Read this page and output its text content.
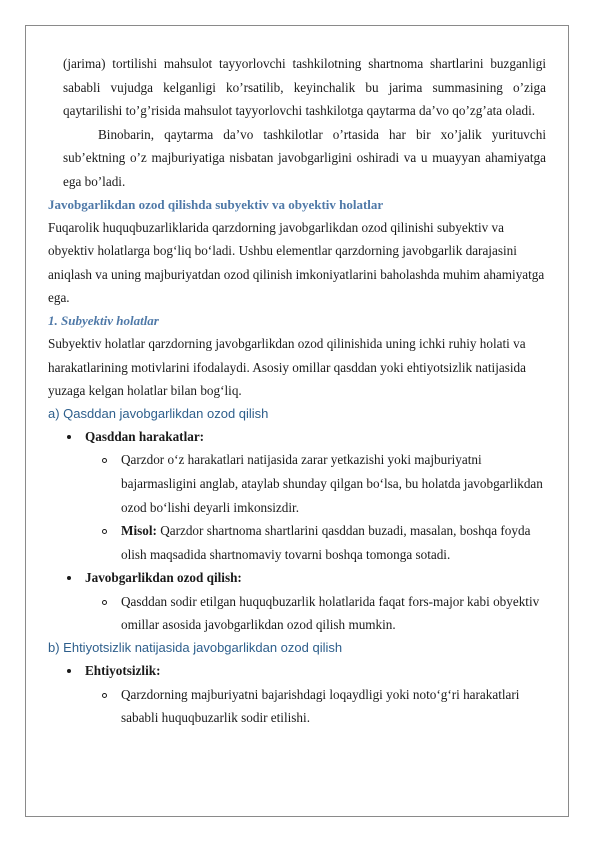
(jarima) tortilishi mahsulot tayyorlovchi tashkilotning shartnoma shartlarini buzganligi sababli vujudga kelganligi ko’rsatilib, keyinchalik bu jarima summasining o’ziga qaytarilishi to’g’risida mahsulot tayyorlovchi tashkilotga qaytarma da’vo qo’zg’ata oladi.
Binobarin, qaytarma da’vo tashkilotlar o’rtasida har bir xo’jalik yurituvchi sub’ektning o’z majburiyatiga nisbatan javobgarligini oshiradi va u muayyan ahamiyatga ega bo’ladi.
Javobgarlikdan ozod qilishda subyektiv va obyektiv holatlar

Fuqarolik huquqbuzarliklarida qarzdorning javobgarlikdan ozod qilinishi subyektiv va obyektiv holatlarga bog‘liq bo‘ladi. Ushbu elementlar qarzdorning javobgarlik darajasini aniqlash va uning majburiyatdan ozod qilinish imkoniyatlarini baholashda muhim ahamiyatga ega.

1. Subyektiv holatlar

Subyektiv holatlar qarzdorning javobgarlikdan ozod qilinishida uning ichki ruhiy holati va harakatlarining motivlarini ifodalaydi. Asosiy omillar qasddan yoki ehtiyotsizlik natijasida yuzaga kelgan holatlar bilan bog‘liq.

a) Qasddan javobgarlikdan ozod qilish
Qasddan harakatlar:
Qarzdor o‘z harakatlari natijasida zarar yetkazishi yoki majburiyatni bajarmasligini anglab, ataylab shunday qilgan bo‘lsa, bu holatda javobgarlikdan ozod bo‘lishi deyarli imkonsizdir.
Misol: Qarzdor shartnoma shartlarini qasddan buzadi, masalan, boshqa foyda olish maqsadida shartnomaviy tovarni boshqa tomonga sotadi.
Javobgarlikdan ozod qilish:
Qasddan sodir etilgan huquqbuzarlik holatlarida faqat fors-major kabi obyektiv omillar asosida javobgarlikdan ozod qilish mumkin.
b) Ehtiyotsizlik natijasida javobgarlikdan ozod qilish
Ehtiyotsizlik:
Qarzdorning majburiyatni bajarishdagi loqaydligi yoki noto‘g‘ri harakatlari sababli huquqbuzarlik sodir etilishi.
